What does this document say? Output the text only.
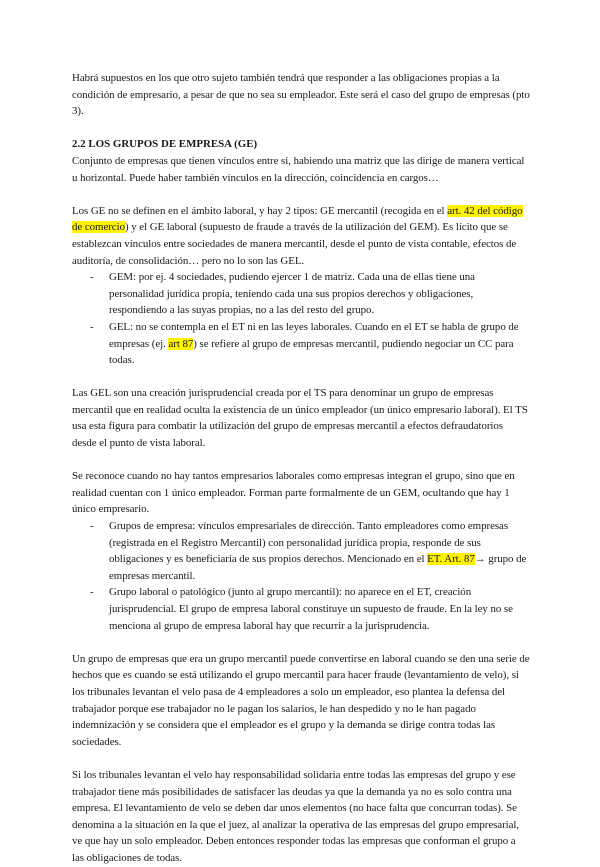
Habrá supuestos en los que otro sujeto también tendrá que responder a las obligaciones propias a la condición de empresario, a pesar de que no sea su empleador. Este será el caso del grupo de empresas (pto 3).

2.2 LOS GRUPOS DE EMPRESA (GE)

Conjunto de empresas que tienen vínculos entre sí, habiendo una matriz que las dirige de manera vertical u horizontal. Puede haber también vínculos en la dirección, coincidencia en cargos…

Los GE no se definen en el ámbito laboral, y hay 2 tipos: GE mercantil (recogida en el art. 42 del código de comercio) y el GE laboral (supuesto de fraude a través de la utilización del GEM). Es lícito que se establezcan vínculos entre sociedades de manera mercantil, desde el punto de vista contable, efectos de auditoría, de consolidación… pero no lo son las GEL.

- GEM: por ej. 4 sociedades, pudiendo ejercer 1 de matriz. Cada una de ellas tiene una personalidad jurídica propia, teniendo cada una sus propios derechos y obligaciones, respondiendo a las suyas propias, no a las del resto del grupo.
- GEL: no se contempla en el ET ni en las leyes laborales. Cuando en el ET se habla de grupo de empresas (ej. art 87) se refiere al grupo de empresas mercantil, pudiendo negociar un CC para todas.

Las GEL son una creación jurisprudencial creada por el TS para denominar un grupo de empresas mercantil que en realidad oculta la existencia de un único empleador (un único empresario laboral). El TS usa esta figura para combatir la utilización del grupo de empresas mercantil a efectos defraudatorios desde el punto de vista laboral.

Se reconoce cuando no hay tantos empresarios laborales como empresas integran el grupo, sino que en realidad cuentan con 1 único empleador. Forman parte formalmente de un GEM, ocultando que hay 1 único empresario.

- Grupos de empresa: vínculos empresariales de dirección. Tanto empleadores como empresas (registrada en el Registro Mercantil) con personalidad jurídica propia, responde de sus obligaciones y es beneficiaria de sus propios derechos. Mencionado en el ET. Art. 87→ grupo de empresas mercantil.
- Grupo laboral o patológico (junto al grupo mercantil): no aparece en el ET, creación jurisprudencial. El grupo de empresa laboral constituye un supuesto de fraude. En la ley no se menciona al grupo de empresa laboral hay que recurrir a la jurisprudencia.

Un grupo de empresas que era un grupo mercantil puede convertirse en laboral cuando se den una serie de hechos que es cuando se está utilizando el grupo mercantil para hacer fraude (levantamiento de velo), si los tribunales levantan el velo pasa de 4 empleadores a solo un empleador, eso plantea la defensa del trabajador porque ese trabajador no le pagan los salarios, le han despedido y no le han pagado indemnización y se considera que el empleador es el grupo y la demanda se dirige contra todas las sociedades.

Si los tribunales levantan el velo hay responsabilidad solidaria entre todas las empresas del grupo y ese trabajador tiene más posibilidades de satisfacer las deudas ya que la demanda ya no es solo contra una empresa. El levantamiento de velo se deben dar unos elementos (no hace falta que concurran todas). Se denomina a la situación en la que el juez, al analizar la operativa de las empresas del grupo empresarial, ve que hay un solo empleador. Deben entonces responder todas las empresas que conforman el grupo a las obligaciones de todas.
